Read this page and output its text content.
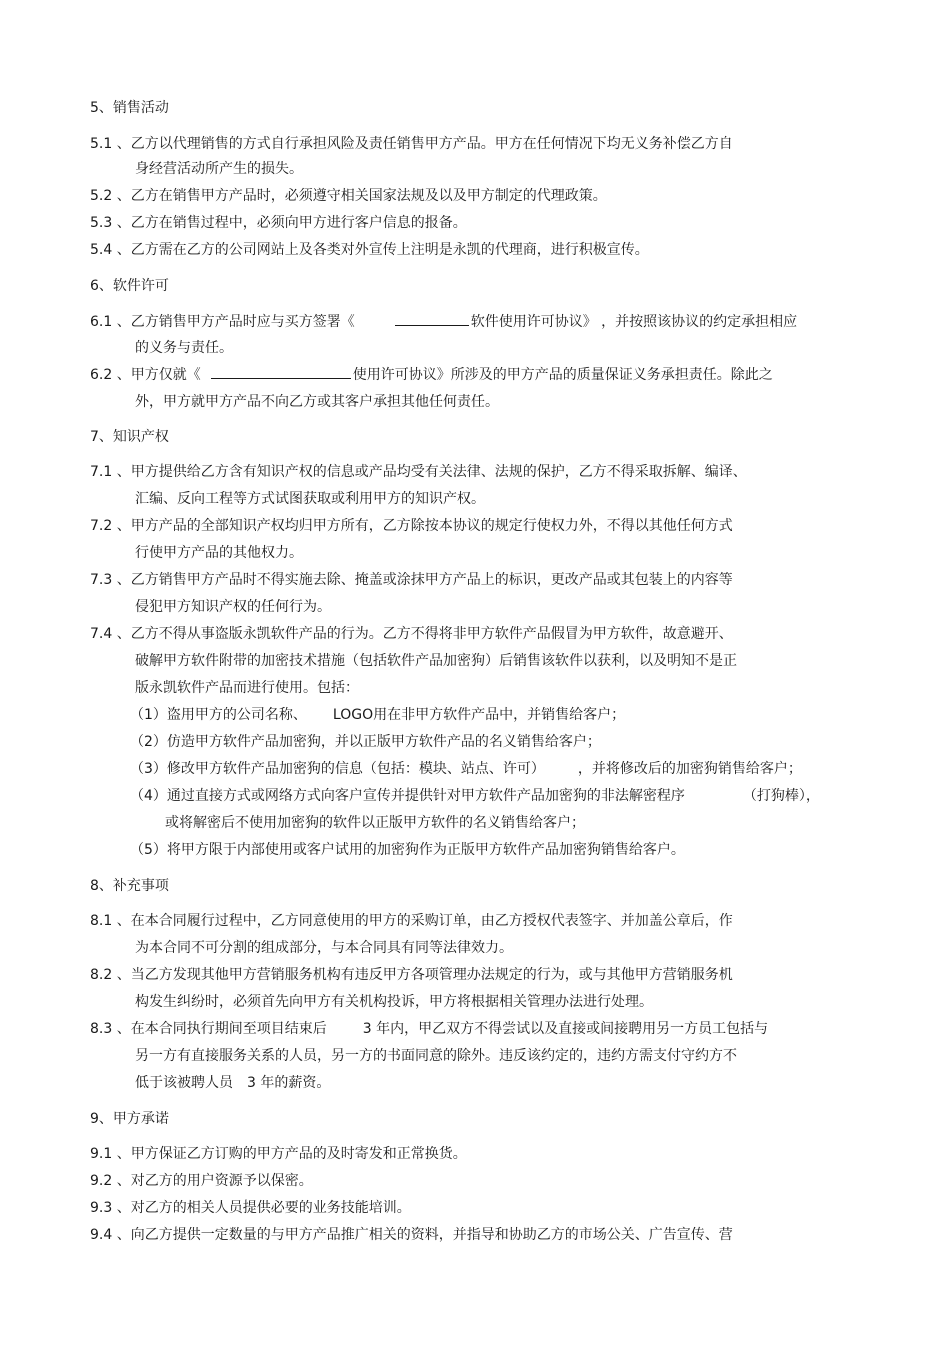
5、销售活动
5.1 、乙方以代理销售的方式自行承担风险及责任销售甲方产品。甲方在任何情况下均无义务补偿乙方自
身经营活动所产生的损失。
5.2 、乙方在销售甲方产品时，必须遵守相关国家法规及以及甲方制定的代理政策。
5.3 、乙方在销售过程中，必须向甲方进行客户信息的报备。
5.4 、乙方需在乙方的公司网站上及各类对外宣传上注明是永凯的代理商，进行积极宣传。
6、软件许可
6.1 、乙方销售甲方产品时应与买方签署《	软件使用许可协议》 ，并按照该协议的约定承担相应
的义务与责任。
6.2 、甲方仅就《	使用许可协议》所涉及的甲方产品的质量保证义务承担责任。除此之
外，甲方就甲方产品不向乙方或其客户承担其他任何责任。
7、知识产权
7.1 、甲方提供给乙方含有知识产权的信息或产品均受有关法律、法规的保护，乙方不得采取拆解、编译、
汇编、反向工程等方式试图获取或利用甲方的知识产权。
7.2 、甲方产品的全部知识产权均归甲方所有，乙方除按本协议的规定行使权力外，不得以其他任何方式
行使甲方产品的其他权力。
7.3 、乙方销售甲方产品时不得实施去除、掩盖或涂抹甲方产品上的标识，更改产品或其包装上的内容等
侵犯甲方知识产权的任何行为。
7.4 、乙方不得从事盗版永凯软件产品的行为。乙方不得将非甲方软件产品假冒为甲方软件，故意避开、
破解甲方软件附带的加密技术措施（包括软件产品加密狗）后销售该软件以获利，以及明知不是正
版永凯软件产品而进行使用。包括：
（1）盗用甲方的公司名称、 LOGO用在非甲方软件产品中，并销售给客户；
（2）仿造甲方软件产品加密狗，并以正版甲方软件产品的名义销售给客户；
（3）修改甲方软件产品加密狗的信息（包括：模块、站点、许可）	，并将修改后的加密狗销售给客户；
（4）通过直接方式或网络方式向客户宣传并提供针对甲方软件产品加密狗的非法解密程序	（打狗棒），
或将解密后不使用加密狗的软件以正版甲方软件的名义销售给客户；
（5）将甲方限于内部使用或客户试用的加密狗作为正版甲方软件产品加密狗销售给客户。
8、补充事项
8.1 、在本合同履行过程中，乙方同意使用的甲方的采购订单，由乙方授权代表签字、并加盖公章后，作
为本合同不可分割的组成部分，与本合同具有同等法律效力。
8.2 、当乙方发现其他甲方营销服务机构有违反甲方各项管理办法规定的行为，或与其他甲方营销服务机
构发生纠纷时，必须首先向甲方有关机构投诉，甲方将根据相关管理办法进行处理。
8.3 、在本合同执行期间至项目结束后	3 年内，甲乙双方不得尝试以及直接或间接聘用另一方员工包括与
另一方有直接服务关系的人员，另一方的书面同意的除外。违反该约定的，违约方需支付守约方不
低于该被聘人员 3 年的薪资。
9、甲方承诺
9.1 、甲方保证乙方订购的甲方产品的及时寄发和正常换货。
9.2 、对乙方的用户资源予以保密。
9.3 、对乙方的相关人员提供必要的业务技能培训。
9.4 、向乙方提供一定数量的与甲方产品推广相关的资料，并指导和协助乙方的市场公关、广告宣传、营
